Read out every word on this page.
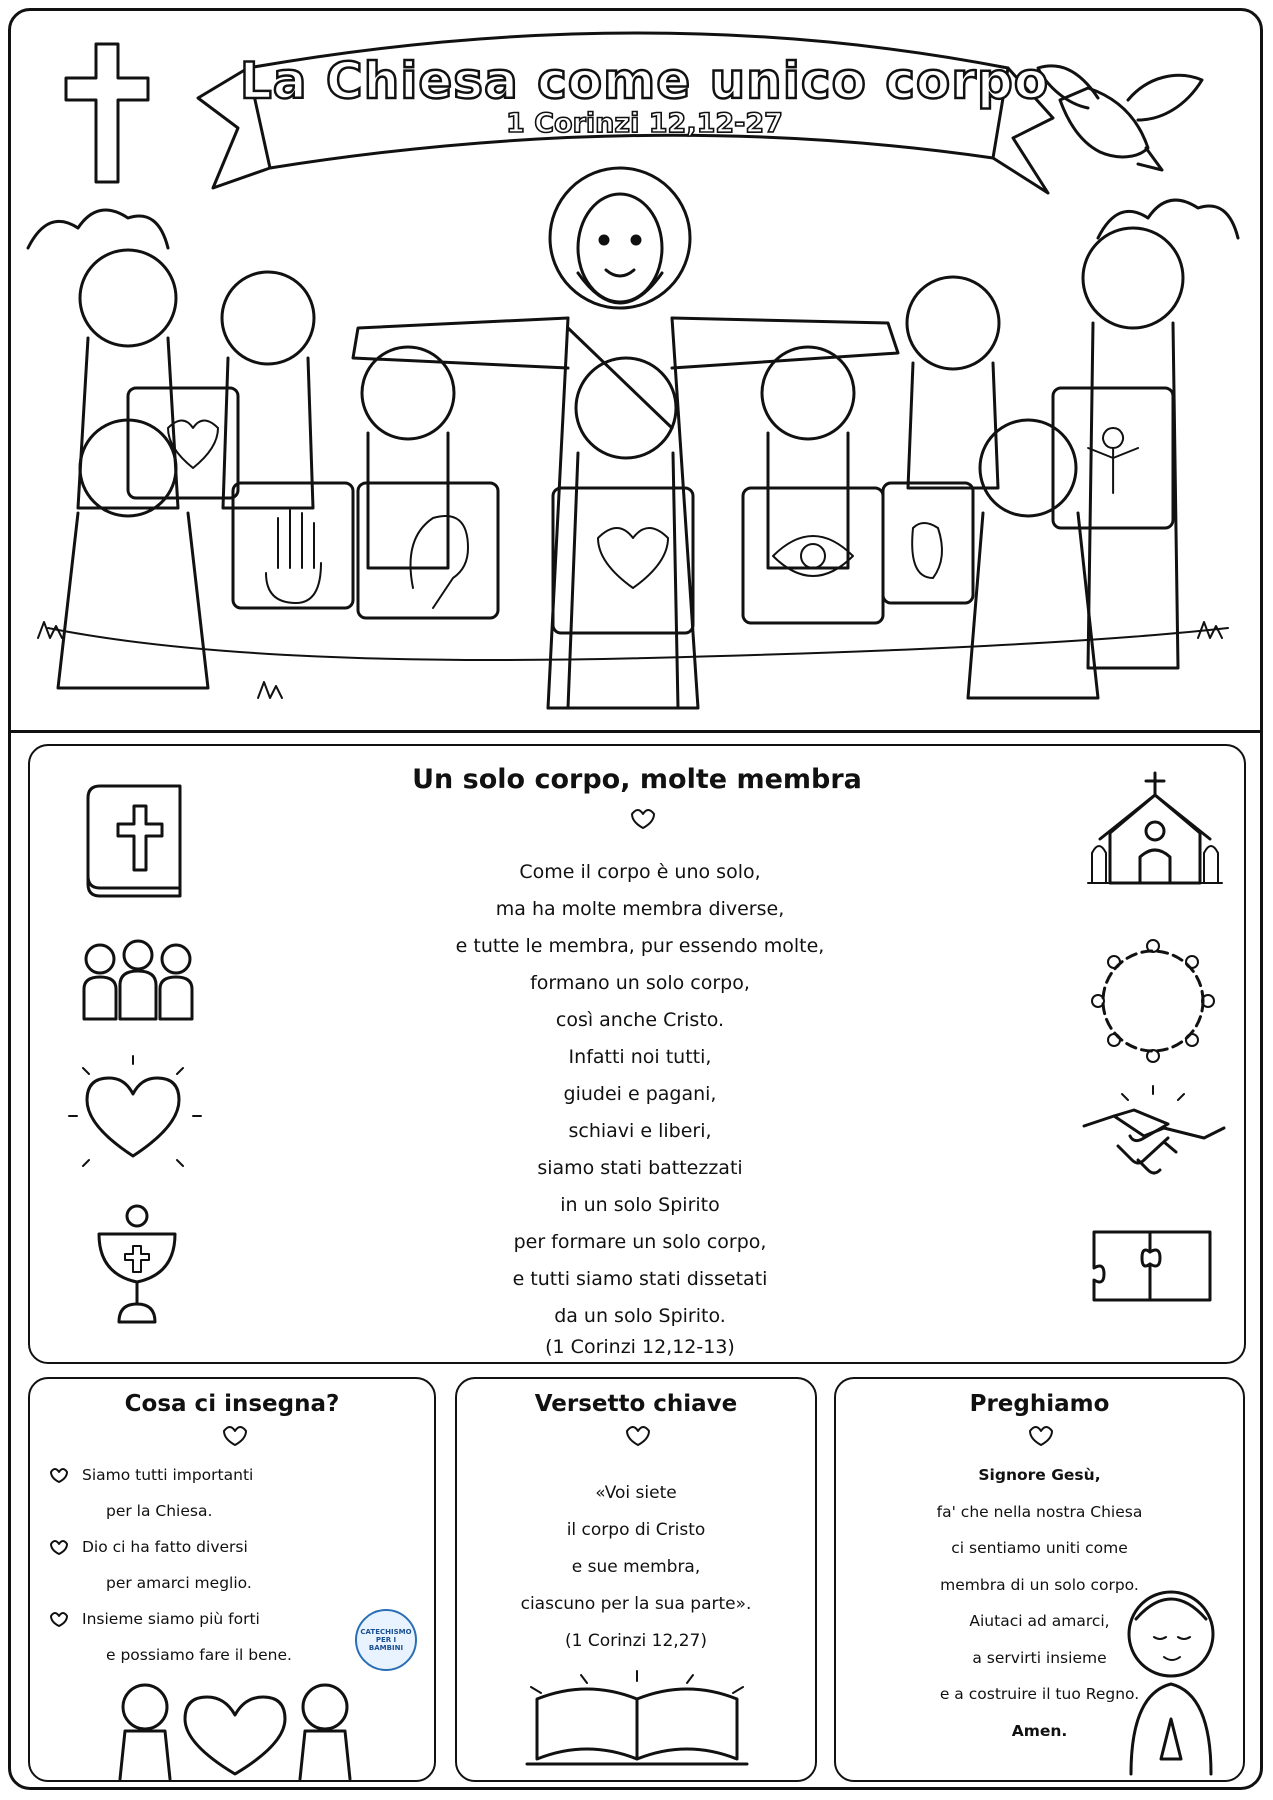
La Chiesa come unico corpo
1 Corinzi 12,12-27
Un solo corpo, molte membra
Come il corpo è uno solo,
ma ha molte membra diverse,
e tutte le membra, pur essendo molte,
formano un solo corpo,
così anche Cristo.
Infatti noi tutti,
giudei e pagani,
schiavi e liberi,
siamo stati battezzati
in un solo Spirito
per formare un solo corpo,
e tutti siamo stati dissetati
da un solo Spirito.
(1 Corinzi 12,12-13)
Cosa ci insegna?
Siamo tutti importanti
per la Chiesa.
Dio ci ha fatto diversi
per amarci meglio.
Insieme siamo più forti
e possiamo fare il bene.
CATECHISMO
PER I
BAMBINI
Versetto chiave
«Voi siete
il corpo di Cristo
e sue membra,
ciascuno per la sua parte».
(1 Corinzi 12,27)
Preghiamo
Signore Gesù,
fa' che nella nostra Chiesa
ci sentiamo uniti come
membra di un solo corpo.
Aiutaci ad amarci,
a servirti insieme
e a costruire il tuo Regno.
Amen.
